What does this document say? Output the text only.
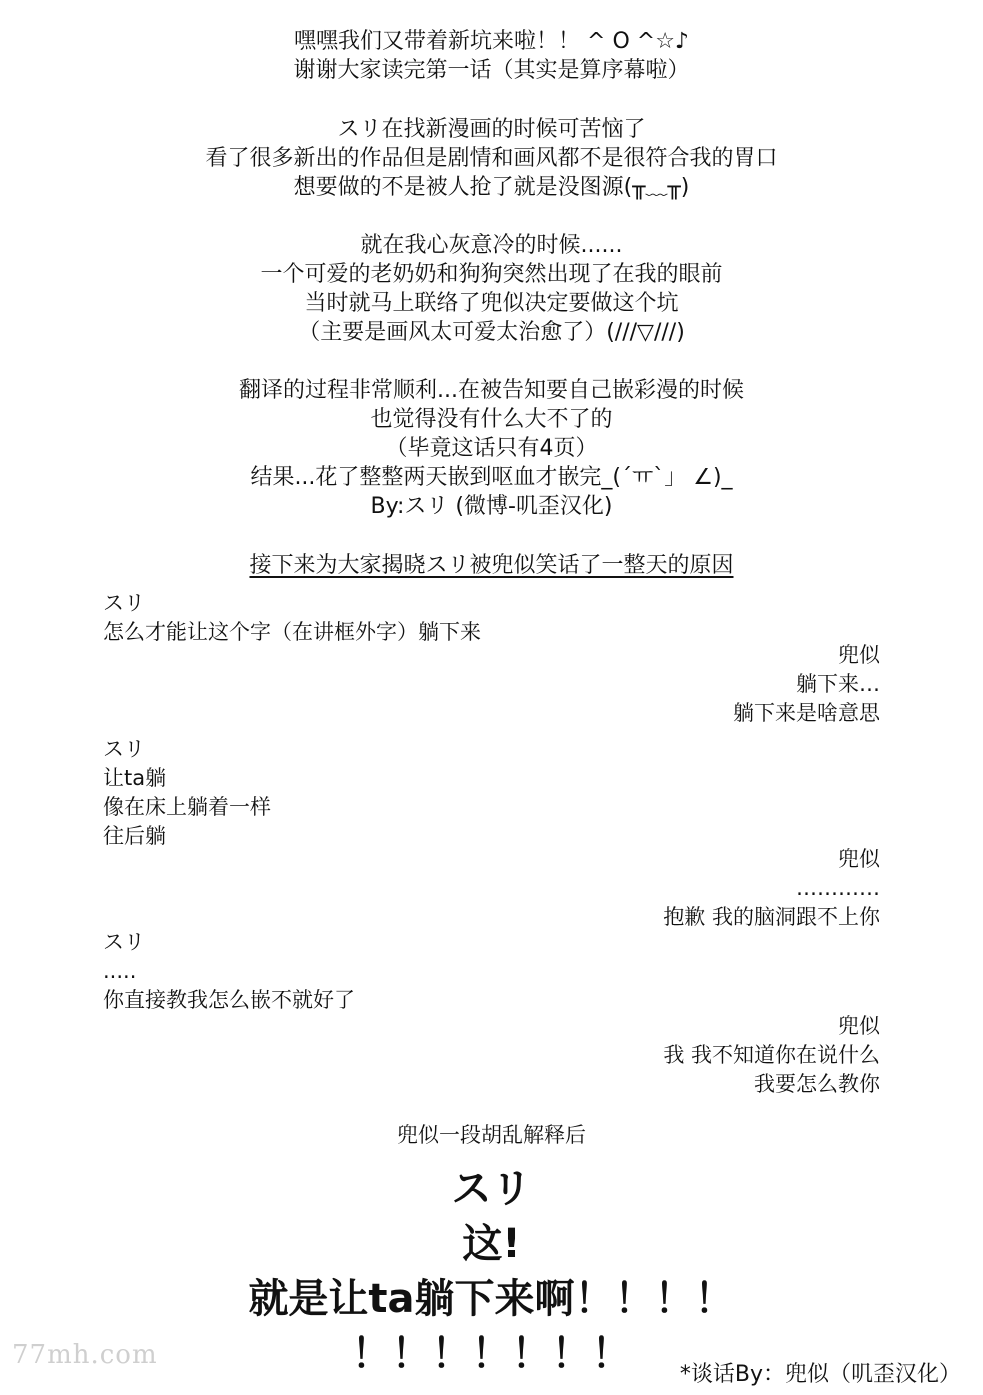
嘿嘿我们又带着新坑来啦！！ ^ O ^☆♪
谢谢大家读完第一话（其实是算序幕啦）
スリ在找新漫画的时候可苦恼了
看了很多新出的作品但是剧情和画风都不是很符合我的胃口
想要做的不是被人抢了就是没图源(╥﹏╥)
就在我心灰意冷的时候......
一个可爱的老奶奶和狗狗突然出现了在我的眼前
当时就马上联络了兜似决定要做这个坑
（主要是画风太可爱太治愈了）(///▽///)
翻译的过程非常顺利...在被告知要自己嵌彩漫的时候
也觉得没有什么大不了的
（毕竟这话只有4页）
结果...花了整整两天嵌到呕血才嵌完_(´ㅠ`」 ∠)_
By:スリ (微博-叽歪汉化)
接下来为大家揭晓スリ被兜似笑话了一整天的原因
スリ
怎么才能让这个字（在讲框外字）躺下来
兜似
躺下来…
躺下来是啥意思
スリ
让ta躺
像在床上躺着一样
往后躺
兜似
…………
抱歉 我的脑洞跟不上你
スリ
.....
你直接教我怎么嵌不就好了
兜似
我 我不知道你在说什么
我要怎么教你
兜似一段胡乱解释后
スリ
这!
就是让ta躺下来啊！！！！
！！！！！！！
77mh.com
*谈话By：兜似（叽歪汉化）
